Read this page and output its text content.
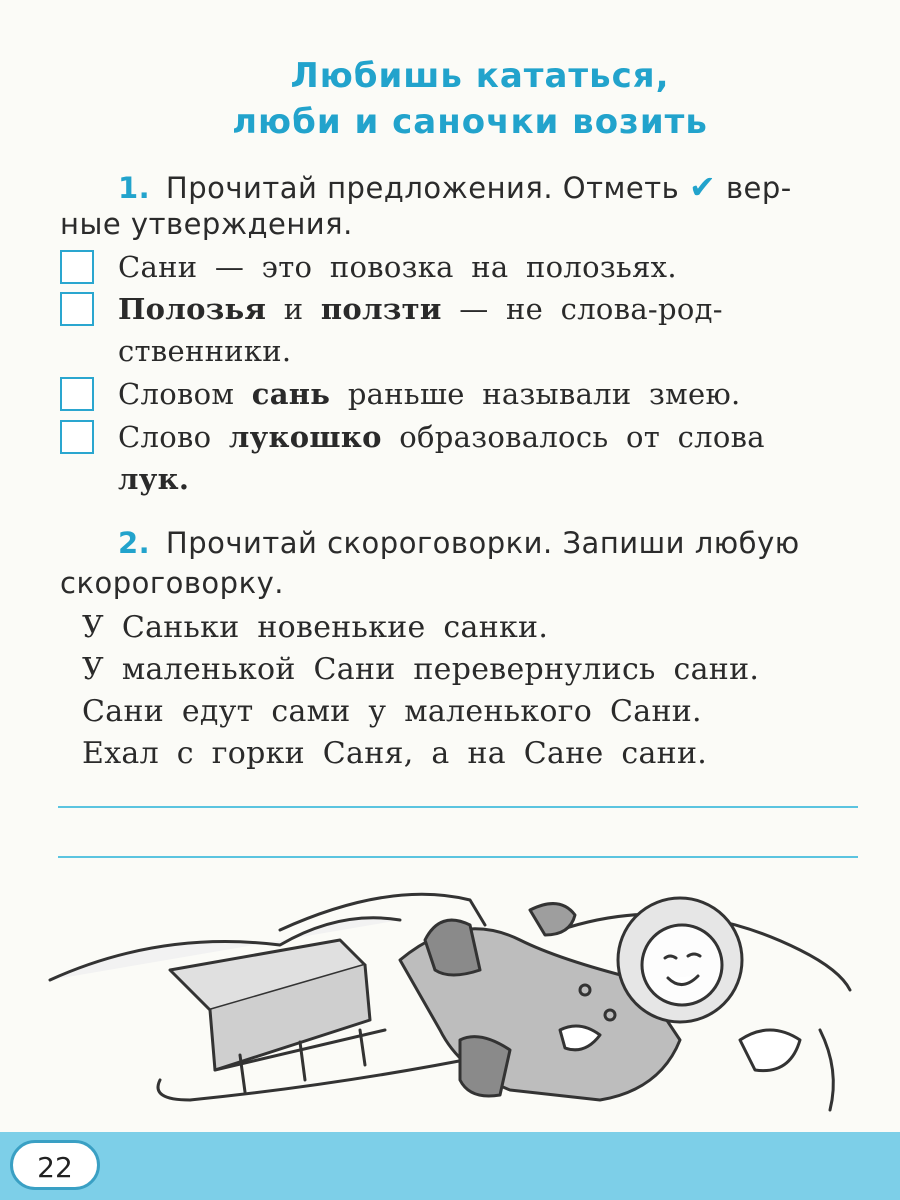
Любишь кататься,
люби и саночки возить
1. Прочитай предложения. Отметь ✔ вер-
ные утверждения.
Сани — это повозка на полозьях.
Полозья и ползти — не слова-род-
ственники.
Словом сань раньше называли змею.
Слово лукошко образовалось от слова
лук.
2. Прочитай скороговорки. Запиши любую
скороговорку.
У Саньки новенькие санки.
У маленькой Сани перевернулись сани.
Сани едут сами у маленького Сани.
Ехал с горки Саня, а на Сане сани.
22
